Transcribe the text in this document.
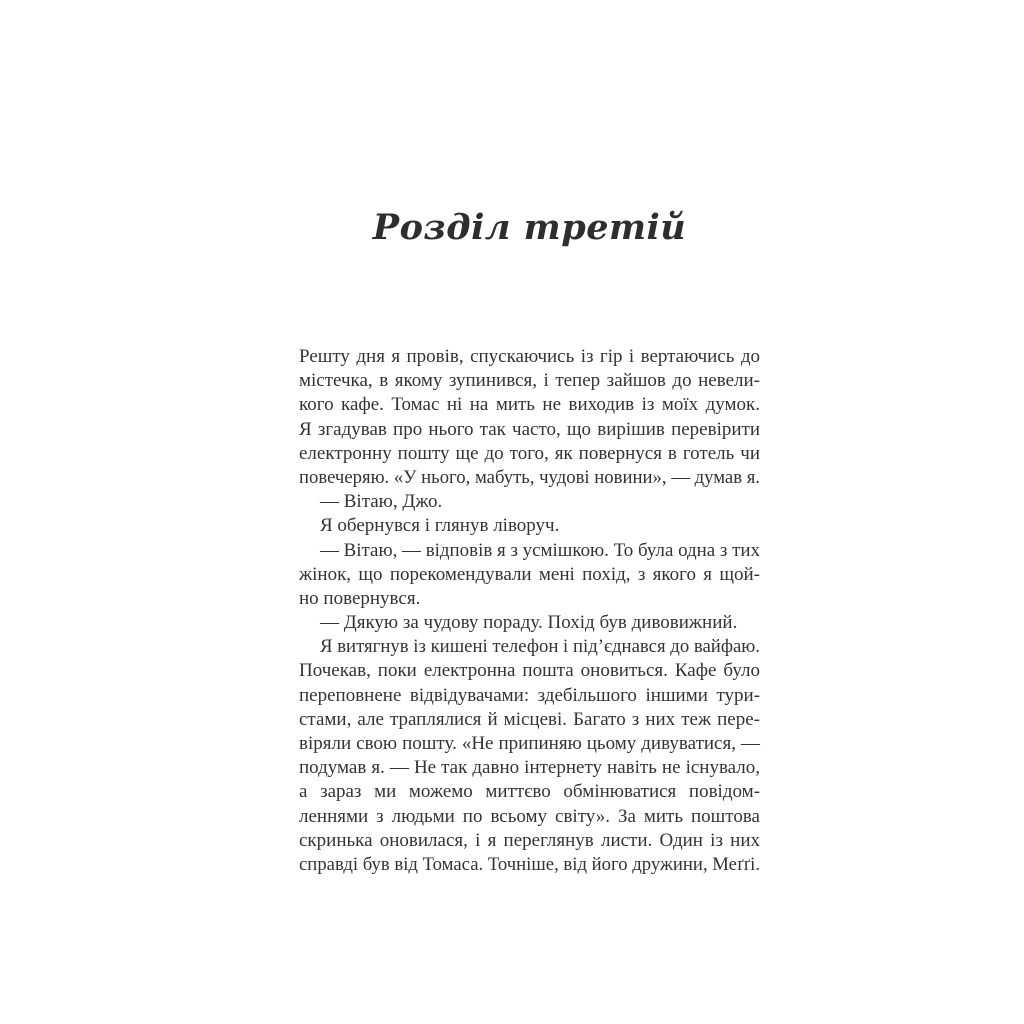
Розділ третій
Решту дня я провів, спускаючись із гір і вертаючись до
містечка, в якому зупинився, і тепер зайшов до невели-
кого кафе. Томас ні на мить не виходив із моїх думок.
Я згадував про нього так часто, що вирішив перевірити
електронну пошту ще до того, як повернуся в готель чи
повечеряю. «У нього, мабуть, чудові новини», — думав я.
— Вітаю, Джо.
Я обернувся і глянув ліворуч.
— Вітаю, — відповів я з усмішкою. То була одна з тих
жінок, що порекомендували мені похід, з якого я щой-
но повернувся.
— Дякую за чудову пораду. Похід був дивовижний.
Я витягнув із кишені телефон і під’єднався до вайфаю.
Почекав, поки електронна пошта оновиться. Кафе було
переповнене відвідувачами: здебільшого іншими тури-
стами, але траплялися й місцеві. Багато з них теж пере-
віряли свою пошту. «Не припиняю цьому дивуватися, —
подумав я. — Не так давно інтернету навіть не існувало,
а зараз ми можемо миттєво обмінюватися повідом-
леннями з людьми по всьому світу». За мить поштова
скринька оновилася, і я переглянув листи. Один із них
справді був від Томаса. Точніше, від його дружини, Меґґі.
